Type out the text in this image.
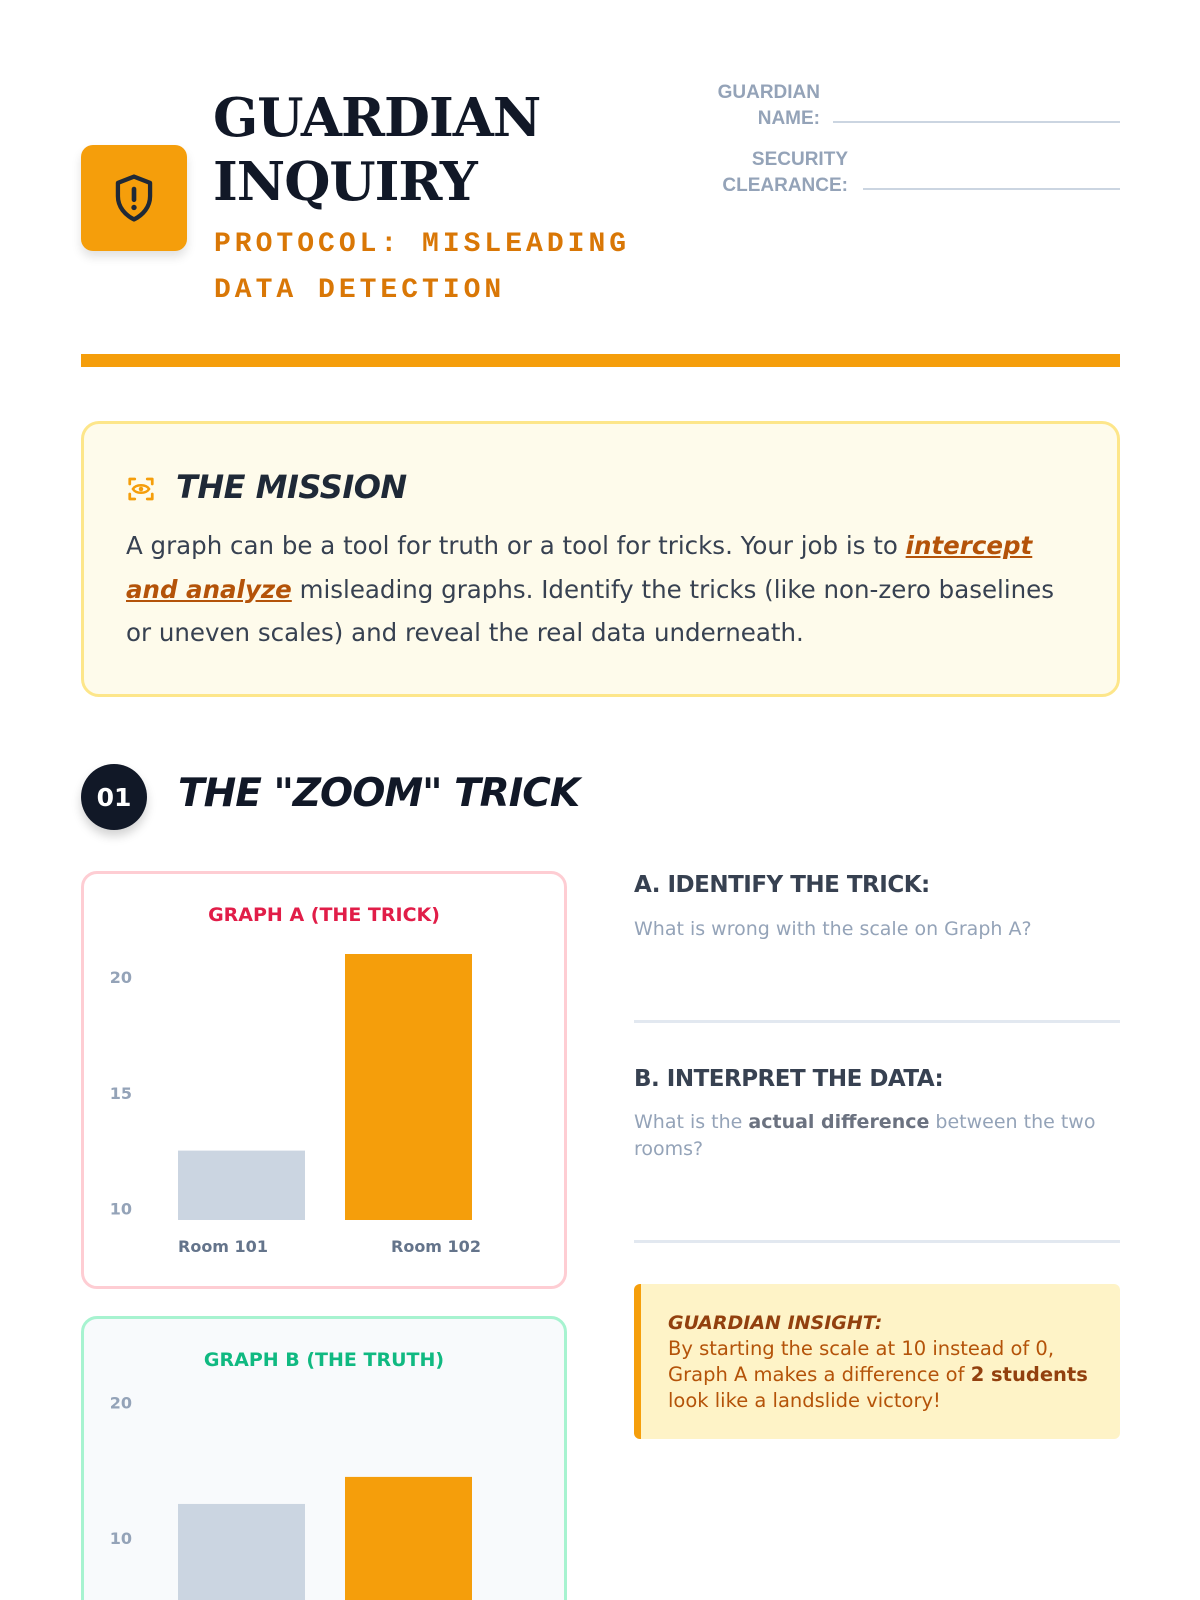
GUARDIAN
INQUIRY
PROTOCOL: MISLEADING
DATA DETECTION
GUARDIAN
NAME:
SECURITY
CLEARANCE:
THE MISSION
A graph can be a tool for truth or a tool for tricks. Your job is to intercept and analyze misleading graphs. Identify the tricks (like non-zero baselines or uneven scales) and reveal the real data underneath.
01	THE "ZOOM" TRICK
GRAPH A (THE TRICK)
10
15
20
Room 101	Room 102
GRAPH B (THE TRUTH)
10
20
A. IDENTIFY THE TRICK:
What is wrong with the scale on Graph A?
B. INTERPRET THE DATA:
What is the actual difference between the two rooms?
GUARDIAN INSIGHT:
By starting the scale at 10 instead of 0, Graph A makes a difference of 2 students look like a landslide victory!
